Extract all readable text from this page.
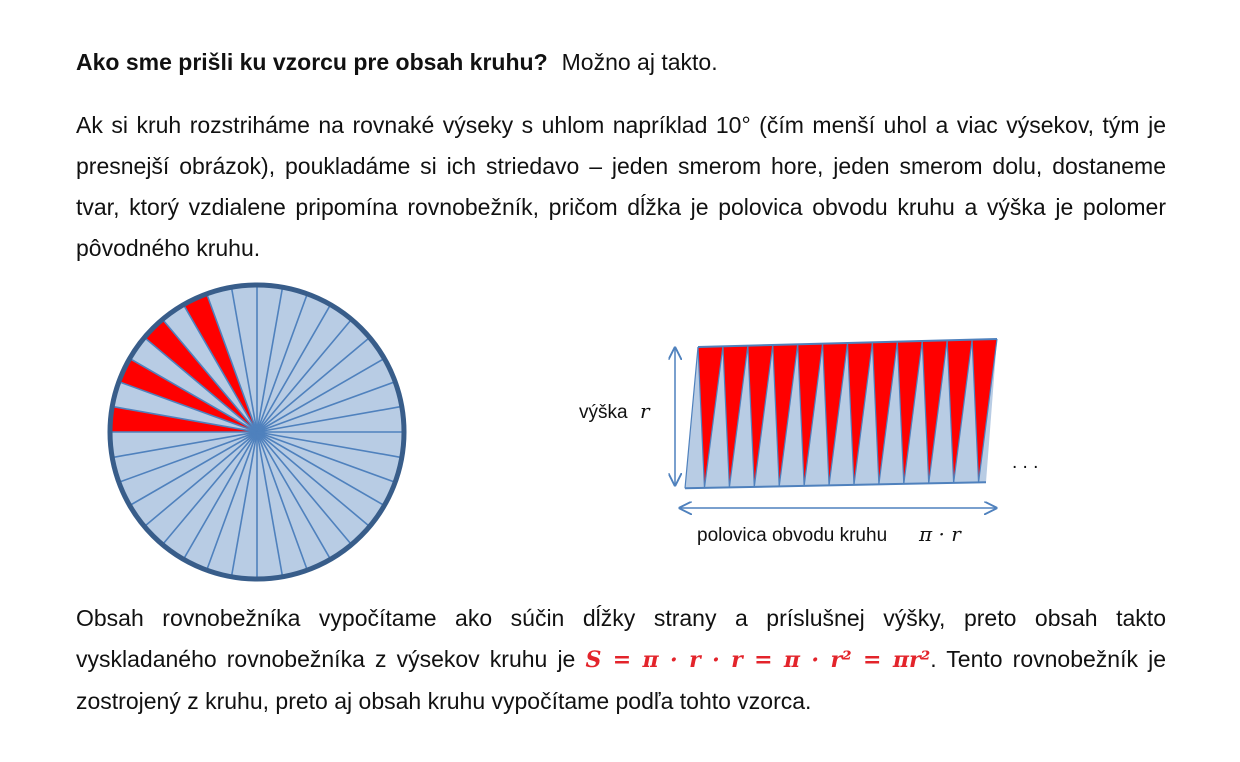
Ako sme prišli ku vzorcu pre obsah kruhu? Možno aj takto.

Ak si kruh rozstriháme na rovnaké výseky s uhlom napríklad 10° (čím menší uhol a viac výsekov, tým je presnejší obrázok), poukladáme si ich striedavo – jeden smerom hore, jeden smerom dolu, dostaneme tvar, ktorý vzdialene pripomína rovnobežník, pričom dĺžka je polovica obvodu kruhu a výška je polomer pôvodného kruhu.

výška r
polovica obvodu kruhu π · r
. . .

Obsah rovnobežníka vypočítame ako súčin dĺžky strany a príslušnej výšky, preto obsah takto vyskladaného rovnobežníka z výsekov kruhu je S = π · r · r = π · r² = πr². Tento rovnobežník je zostrojený z kruhu, preto aj obsah kruhu vypočítame podľa tohto vzorca.
